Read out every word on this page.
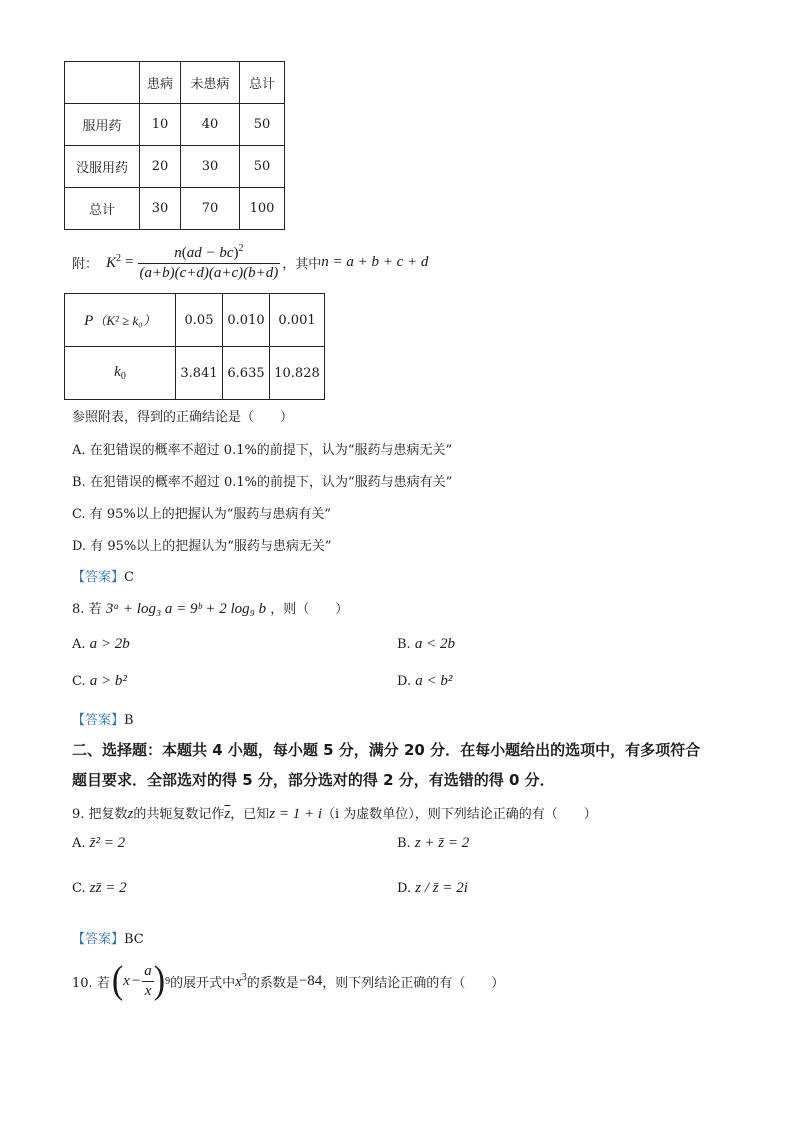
	患病	未患病	总计
服用药	10	40	50
没服用药	20	30	50
总计	30	70	100
附： $K^2 = \frac{n(ad - bc)^2}{(a+b)(c+d)(a+c)(b+d)}$ ，其中 n = a + b + c + d
P（K² ≥ k₀）	0.05	0.010	0.001
$k_0$	3.841	6.635	10.828
参照附表，得到的正确结论是（　　）
A. 在犯错误的概率不超过 0.1%的前提下，认为“服药与患病无关”
B. 在犯错误的概率不超过 0.1%的前提下，认为“服药与患病有关”
C. 有 95%以上的把握认为“服药与患病有关”
D. 有 95%以上的把握认为“服药与患病无关”
【答案】C
8. 若 3ᵃ + log₃ a = 9ᵇ + 2 log₉ b ，则（　　）
A. a > 2b	B. a < 2b
C. a > b²	D. a < b²
【答案】B
二、选择题：本题共 4 小题，每小题 5 分，满分 20 分．在每小题给出的选项中，有多项符合
题目要求．全部选对的得 5 分，部分选对的得 2 分，有选错的得 0 分．
9. 把复数z的共轭复数记作$\overline{z}$，已知z = 1 + i（i 为虚数单位），则下列结论正确的有（　　）
A. z̄² = 2	B. z + z̄ = 2
C. zz̄ = 2	D. z / z̄ = 2i
【答案】BC
10. 若 ( $x - \frac{a}{x}$ ) 9 的展开式中 $x^3$ 的系数是 −84 ，则下列结论正确的有（　　）
